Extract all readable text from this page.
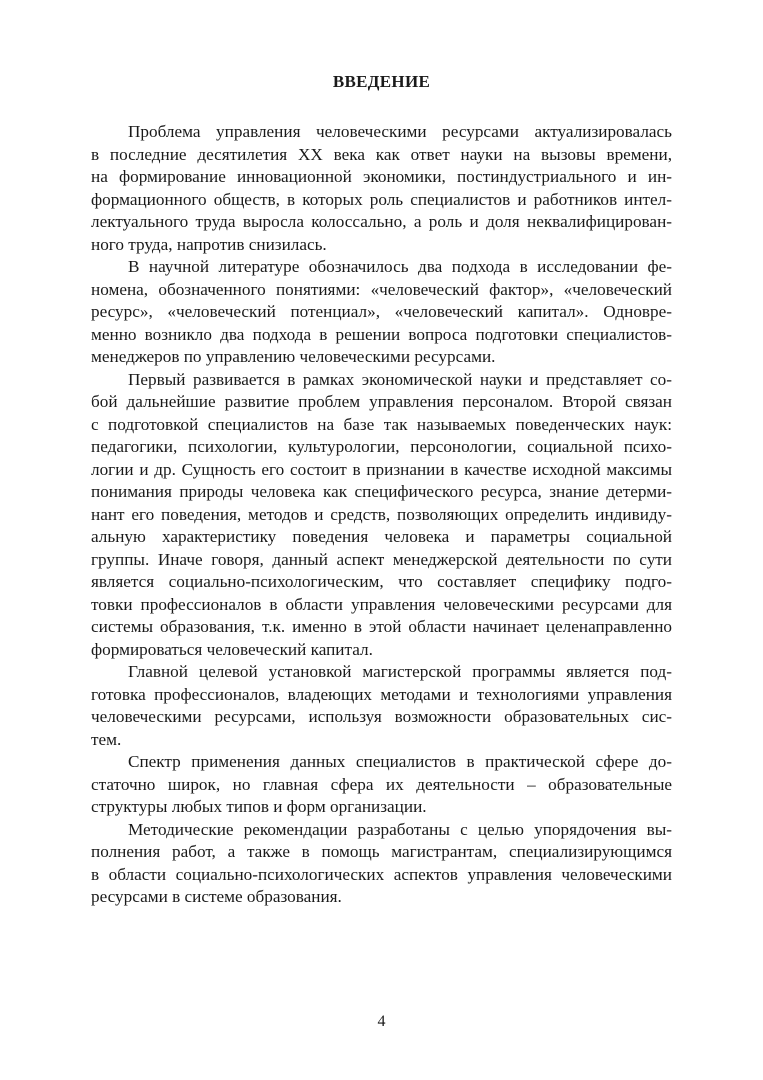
ВВЕДЕНИЕ
Проблема управления человеческими ресурсами актуализировалась
в последние десятилетия XX века как ответ науки на вызовы времени,
на формирование инновационной экономики, постиндустриального и ин-
формационного обществ, в которых роль специалистов и работников интел-
лектуального труда выросла колоссально, а роль и доля неквалифицирован-
ного труда, напротив снизилась.
В научной литературе обозначилось два подхода в исследовании фе-
номена, обозначенного понятиями: «человеческий фактор», «человеческий
ресурс», «человеческий потенциал», «человеческий капитал». Одновре-
менно возникло два подхода в решении вопроса подготовки специалистов-
менеджеров по управлению человеческими ресурсами.
Первый развивается в рамках экономической науки и представляет со-
бой дальнейшие развитие проблем управления персоналом. Второй связан
с подготовкой специалистов на базе так называемых поведенческих наук:
педагогики, психологии, культурологии, персонологии, социальной психо-
логии и др. Сущность его состоит в признании в качестве исходной максимы
понимания природы человека как специфического ресурса, знание детерми-
нант его поведения, методов и средств, позволяющих определить индивиду-
альную характеристику поведения человека и параметры социальной
группы. Иначе говоря, данный аспект менеджерской деятельности по сути
является социально-психологическим, что составляет специфику подго-
товки профессионалов в области управления человеческими ресурсами для
системы образования, т.к. именно в этой области начинает целенаправленно
формироваться человеческий капитал.
Главной целевой установкой магистерской программы является под-
готовка профессионалов, владеющих методами и технологиями управления
человеческими ресурсами, используя возможности образовательных сис-
тем.
Спектр применения данных специалистов в практической сфере до-
статочно широк, но главная сфера их деятельности – образовательные
структуры любых типов и форм организации.
Методические рекомендации разработаны с целью упорядочения вы-
полнения работ, а также в помощь магистрантам, специализирующимся
в области социально-психологических аспектов управления человеческими
ресурсами в системе образования.
4
